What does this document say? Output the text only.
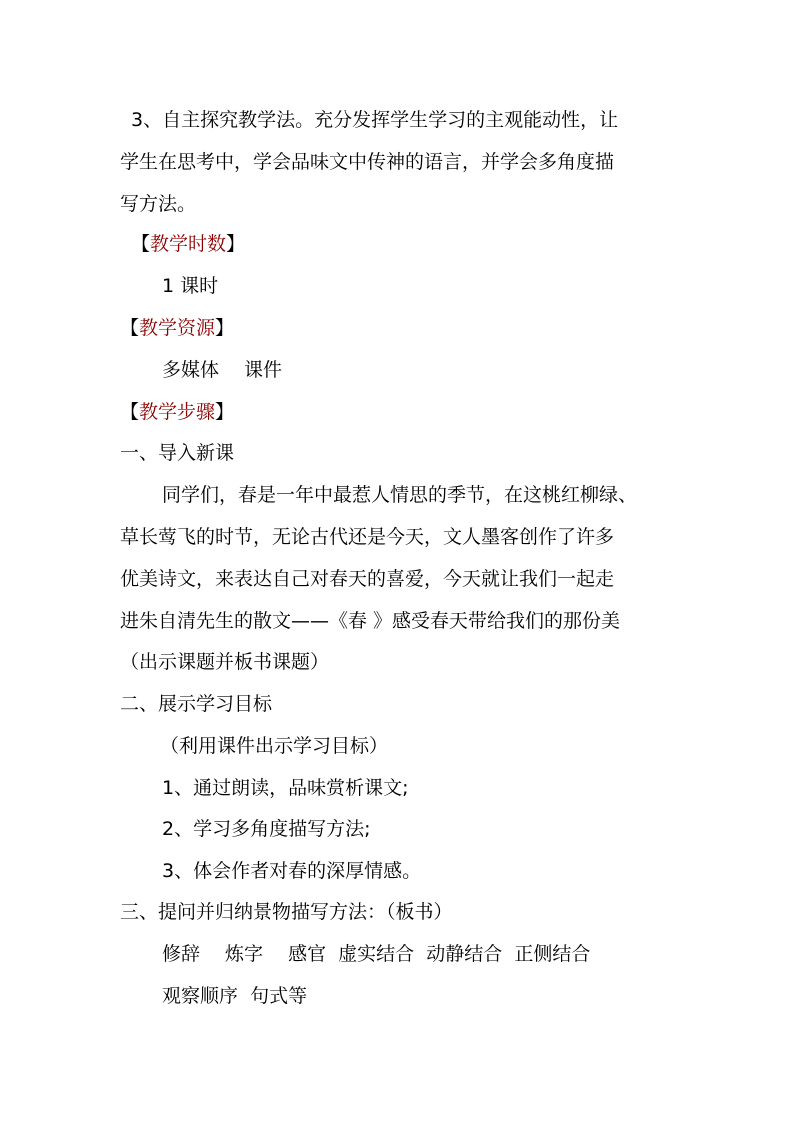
3、自主探究教学法。充分发挥学生学习的主观能动性，让
学生在思考中，学会品味文中传神的语言，并学会多角度描
写方法。
【教学时数】
1 课时
【教学资源】
多媒体　 课件
【教学步骤】
一、导入新课
同学们，春是一年中最惹人情思的季节，在这桃红柳绿、
草长莺飞的时节，无论古代还是今天，文人墨客创作了许多
优美诗文，来表达自己对春天的喜爱，今天就让我们一起走
进朱自清先生的散文——《春 》感受春天带给我们的那份美
（出示课题并板书课题）
二、展示学习目标
（利用课件出示学习目标）
1、通过朗读，品味赏析课文;
2、学习多角度描写方法;
3、体会作者对春的深厚情感。
三、提问并归纳景物描写方法：（板书）
修辞　 炼字　 感官  虚实结合  动静结合  正侧结合
观察顺序  句式等
